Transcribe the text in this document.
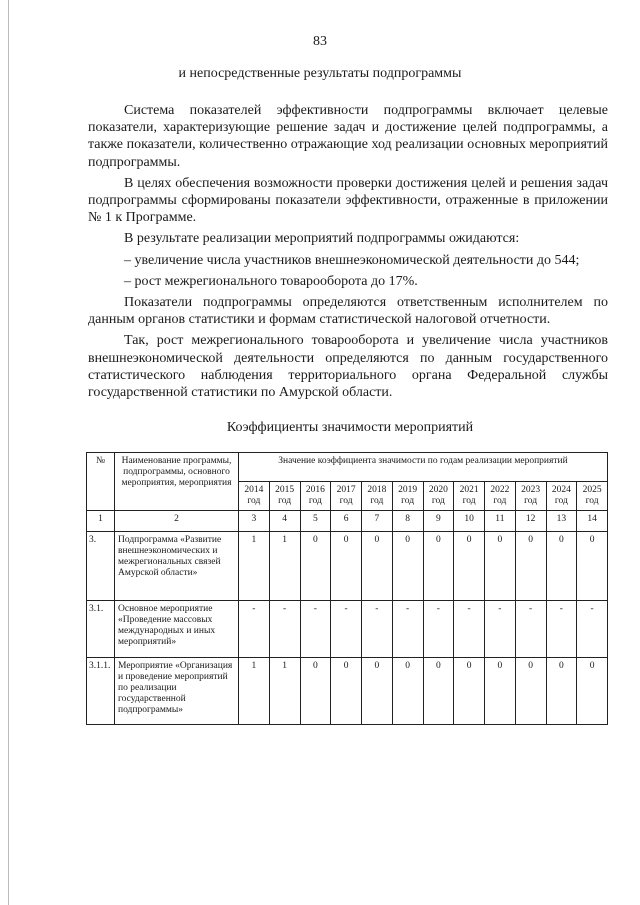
83
и непосредственные результаты подпрограммы

Система показателей эффективности подпрограммы включает целевые показатели, характеризующие решение задач и достижение целей подпрограммы, а также показатели, количественно отражающие ход реализации основных мероприятий подпрограммы.

В целях обеспечения возможности проверки достижения целей и решения задач подпрограммы сформированы показатели эффективности, отраженные в приложении № 1 к Программе.

В результате реализации мероприятий подпрограммы ожидаются:

– увеличение числа участников внешнеэкономической деятельности до 544;

– рост межрегионального товарооборота до 17%.

Показатели подпрограммы определяются ответственным исполнителем по данным органов статистики и формам статистической налоговой отчетности.

Так, рост межрегионального товарооборота и увеличение числа участников внешнеэкономической деятельности определяются по данным государственного статистического наблюдения территориального органа Федеральной службы государственной статистики по Амурской области.

Коэффициенты значимости мероприятий
№	Наименование программы, подпрограммы, основного мероприятия, мероприятия	Значение коэффициента значимости по годам реализации мероприятий											
		2014 год	2015 год	2016 год	2017 год	2018 год	2019 год	2020 год	2021 год	2022 год	2023 год	2024 год	2025 год
1	2	3	4	5	6	7	8	9	10	11	12	13	14
3.	Подпрограмма «Развитие внешнеэкономических и межрегиональных связей Амурской области»	1	1	0	0	0	0	0	0	0	0	0	0
3.1.	Основное мероприятие «Проведение массовых международных и иных мероприятий»	-	-	-	-	-	-	-	-	-	-	-	-
3.1.1.	Мероприятие «Организация и проведение мероприятий по реализации государственной подпрограммы»	1	1	0	0	0	0	0	0	0	0	0	0
